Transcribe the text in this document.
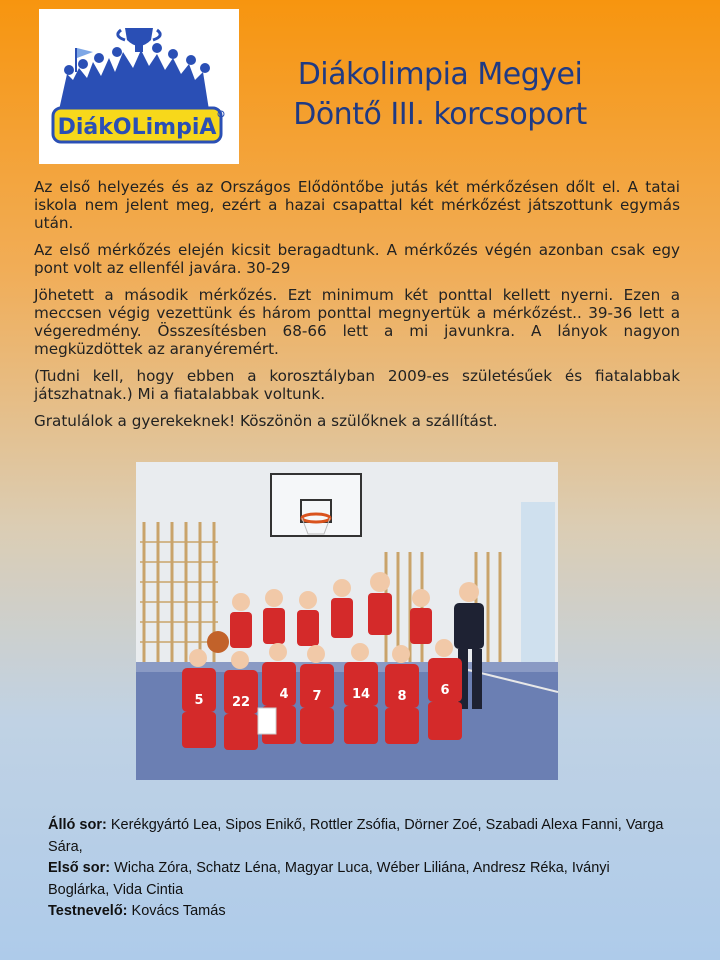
DiákOLimpiA
Diákolimpia Megyei
Döntő III. korcsoport

Az első helyezés és az Országos Elődöntőbe jutás két mérkőzésen dőlt el. A tatai iskola nem jelent meg, ezért a hazai csapattal két mérkőzést játszottunk egymás után.

Az első mérkőzés elején kicsit beragadtunk. A mérkőzés végén azonban csak egy pont volt az ellenfél javára. 30-29

Jöhetett a második mérkőzés. Ezt minimum két ponttal kellett nyerni. Ezen a meccsen végig vezettünk és három ponttal megnyertük a mérkőzést.. 39-36 lett a végeredmény. Összesítésben 68-66 lett a mi javunkra. A lányok nagyon megküzdöttek az aranyéremért.

(Tudni kell, hogy ebben a korosztályban 2009-es születésűek és fiatalabbak játszhatnak.) Mi a fiatalabbak voltunk.

Gratulálok a gyerekeknek! Köszönön a szülőknek a szállítást.

5 22
4 7 14 8	6
Álló sor: Kerékgyártó Lea, Sipos Enikő, Rottler Zsófia, Dörner Zoé, Szabadi Alexa Fanni, Varga Sára,
Első sor: Wicha Zóra, Schatz Léna, Magyar Luca, Wéber Liliána, Andresz Réka, Iványi Boglárka, Vida Cintia
Testnevelő: Kovács Tamás
